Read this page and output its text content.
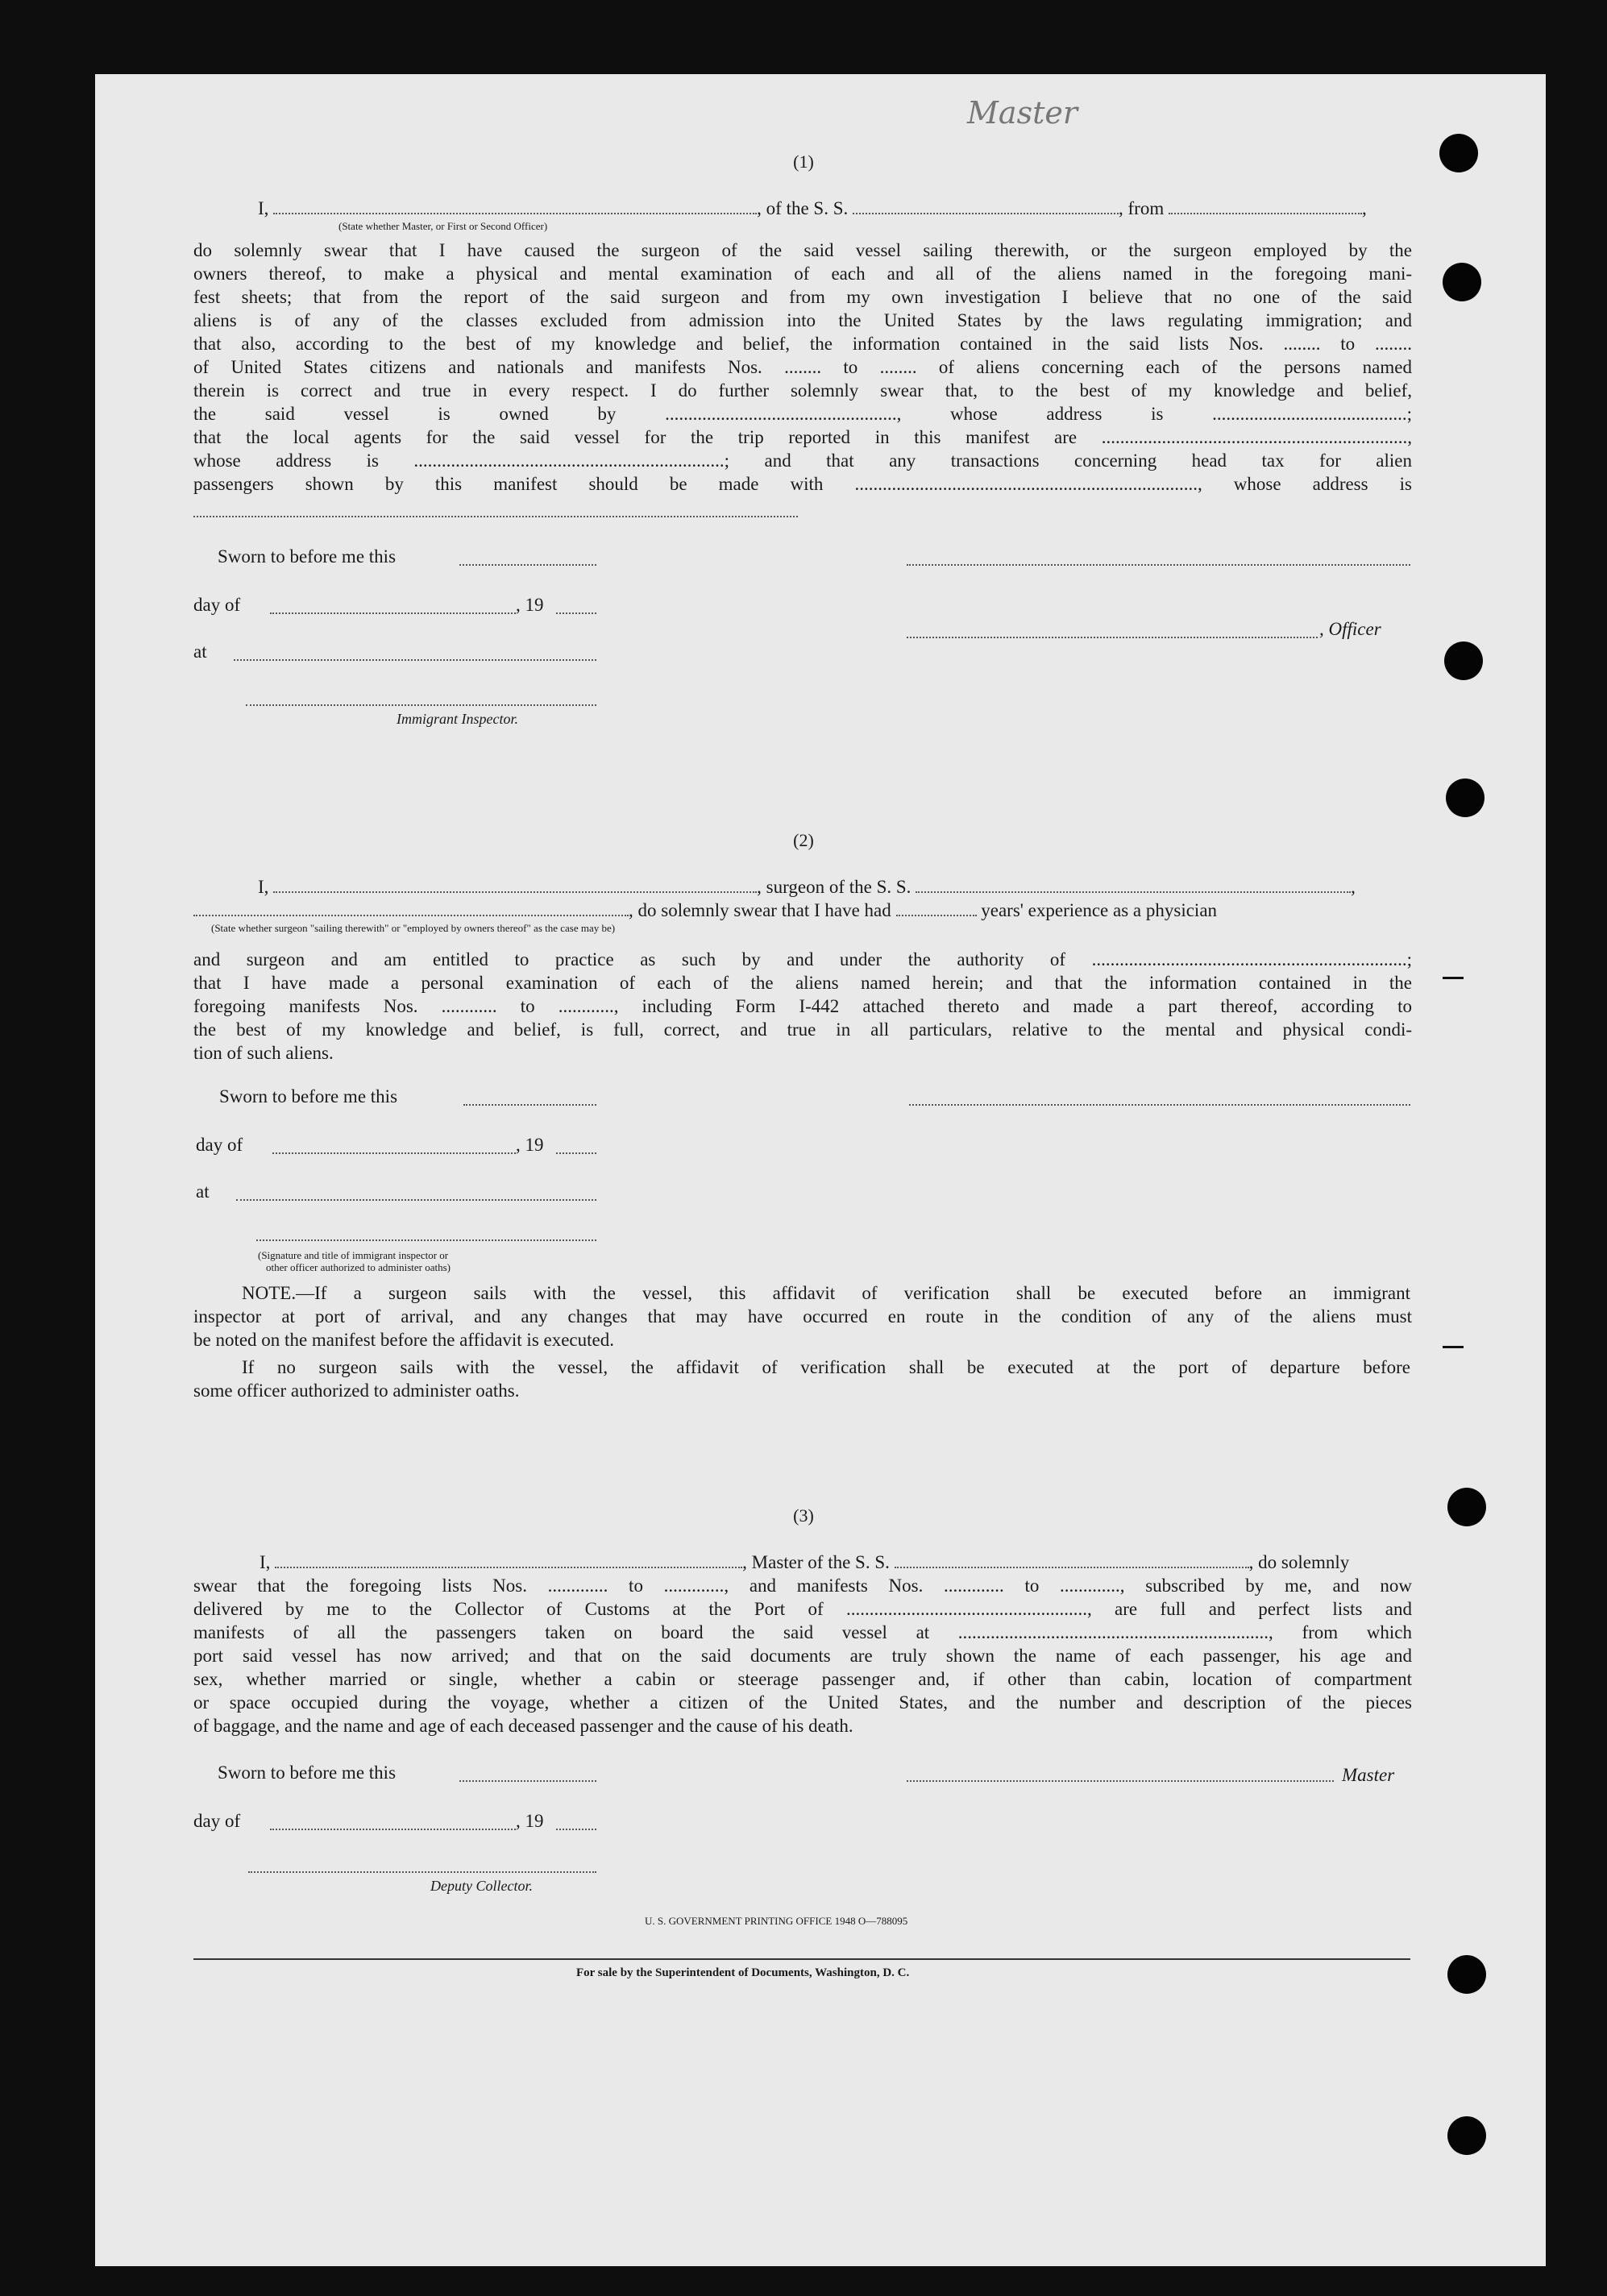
Master
(1)
I,	, of the S. S.	, from	,
(State whether Master, or First or Second Officer)
do solemnly swear that I have caused the surgeon of the said vessel sailing therewith, or the surgeon employed by the
owners thereof, to make a physical and mental examination of each and all of the aliens named in the foregoing mani-
fest sheets; that from the report of the said surgeon and from my own investigation I believe that no one of the said
aliens is of any of the classes excluded from admission into the United States by the laws regulating immigration; and
that also, according to the best of my knowledge and belief, the information contained in the said lists Nos. ........ to ........
of United States citizens and nationals and manifests Nos. ........ to ........ of aliens concerning each of the persons named
therein is correct and true in every respect. I do further solemnly swear that, to the best of my knowledge and belief,
the said vessel is owned by .................................................., whose address is ..........................................;
that the local agents for the said vessel for the trip reported in this manifest are ..................................................................,
whose address is ...................................................................; and that any transactions concerning head tax for alien
passengers shown by this manifest should be made with .........................................................................., whose address is
Sworn to before me this
day of	, 19
, Officer
at
Immigrant Inspector.
(2)
I,	, surgeon of the S. S.	,
, do solemnly swear that I have had	years' experience as a physician
(State whether surgeon "sailing therewith" or "employed by owners thereof" as the case may be)
and surgeon and am entitled to practice as such by and under the authority of ....................................................................;
that I have made a personal examination of each of the aliens named herein; and that the information contained in the
foregoing manifests Nos. ............ to ............, including Form I-442 attached thereto and made a part thereof, according to
the best of my knowledge and belief, is full, correct, and true in all particulars, relative to the mental and physical condi-
tion of such aliens.
Sworn to before me this
day of	, 19
at
(Signature and title of immigrant inspector or
other officer authorized to administer oaths)
NOTE.—If a surgeon sails with the vessel, this affidavit of verification shall be executed before an immigrant
inspector at port of arrival, and any changes that may have occurred en route in the condition of any of the aliens must
be noted on the manifest before the affidavit is executed.
If no surgeon sails with the vessel, the affidavit of verification shall be executed at the port of departure before
some officer authorized to administer oaths.
(3)
I,	, Master of the S. S.	, do solemnly
swear that the foregoing lists Nos. ............. to ............., and manifests Nos. ............. to ............., subscribed by me, and now
delivered by me to the Collector of Customs at the Port of ...................................................., are full and perfect lists and
manifests of all the passengers taken on board the said vessel at ..................................................................., from which
port said vessel has now arrived; and that on the said documents are truly shown the name of each passenger, his age and
sex, whether married or single, whether a cabin or steerage passenger and, if other than cabin, location of compartment
or space occupied during the voyage, whether a citizen of the United States, and the number and description of the pieces
of baggage, and the name and age of each deceased passenger and the cause of his death.
Sworn to before me this	Master
day of	, 19
Deputy Collector.
U. S. GOVERNMENT PRINTING OFFICE 1948 O—788095
For sale by the Superintendent of Documents, Washington, D. C.
